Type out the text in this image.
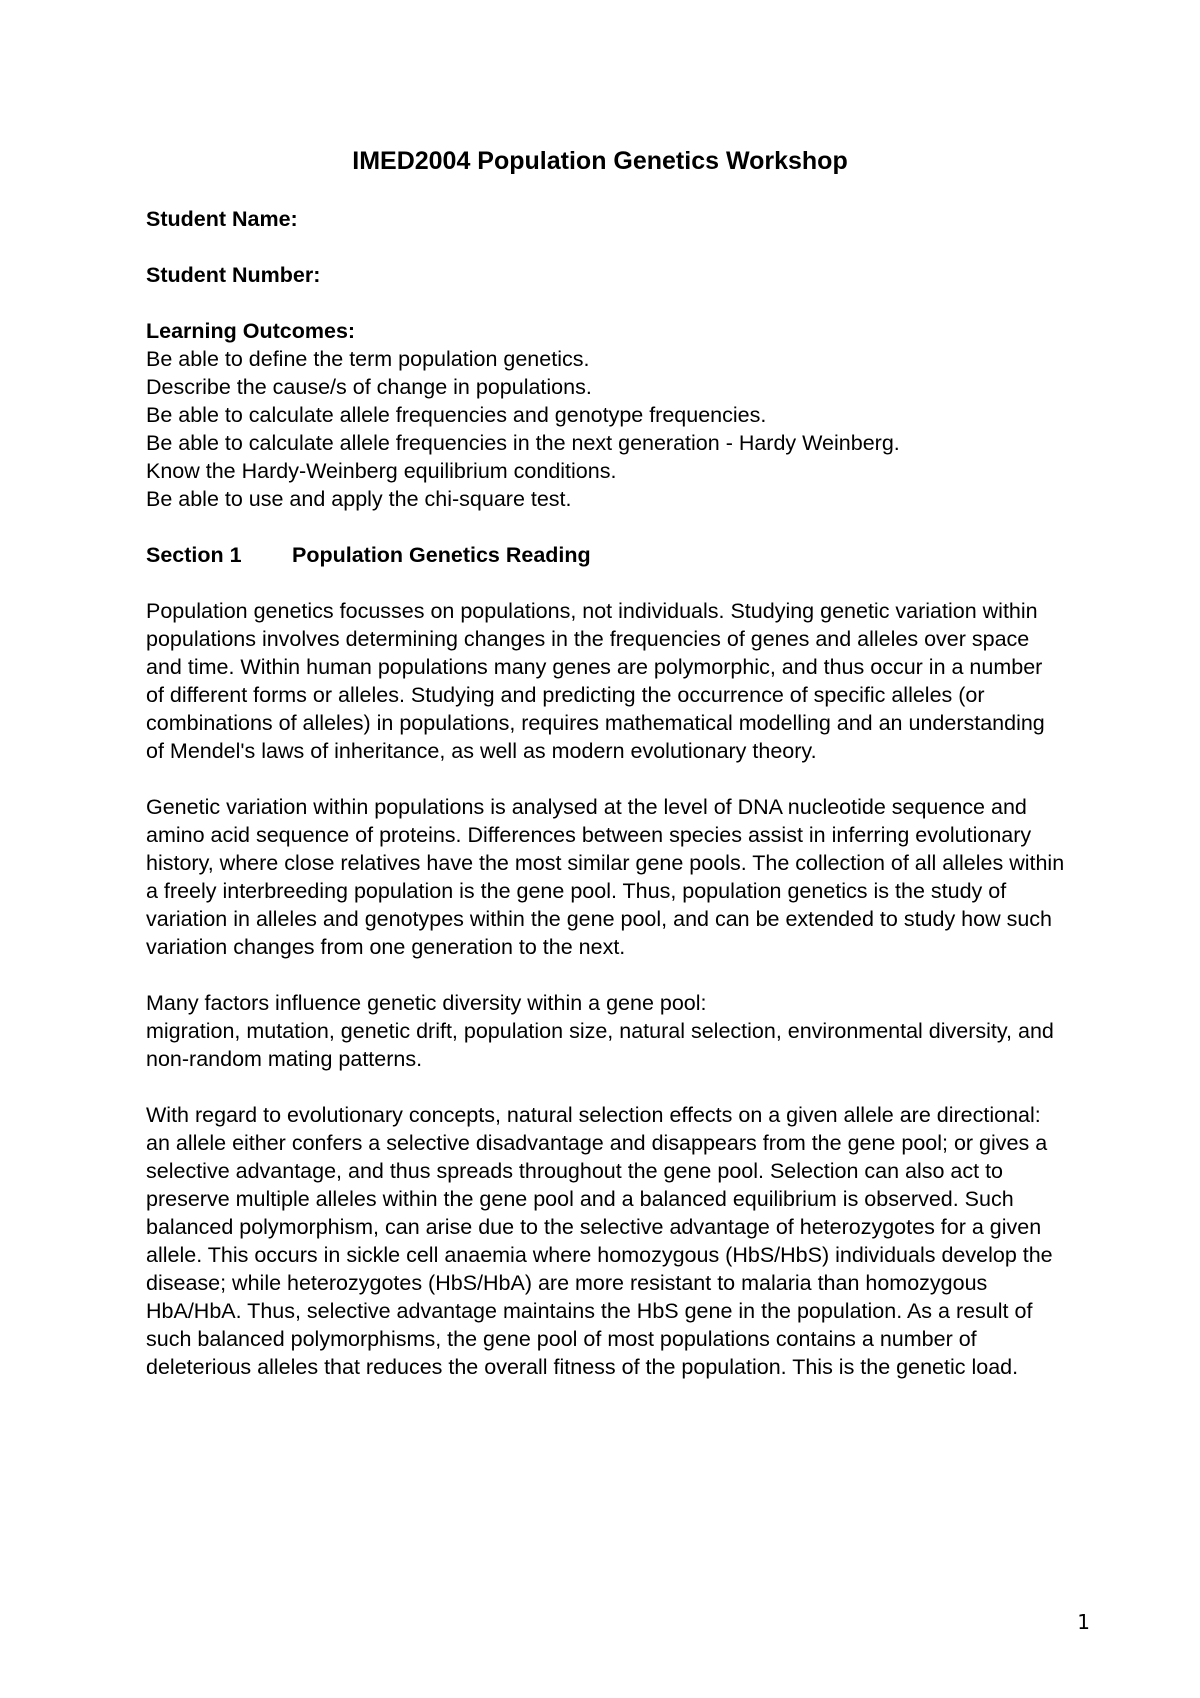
IMED2004 Population Genetics Workshop

Student Name:

Student Number:

Learning Outcomes:

Be able to define the term population genetics.
Describe the cause/s of change in populations.
Be able to calculate allele frequencies and genotype frequencies.
Be able to calculate allele frequencies in the next generation - Hardy Weinberg.
Know the Hardy-Weinberg equilibrium conditions.
Be able to use and apply the chi-square test.

Section 1 Population Genetics Reading

Population genetics focusses on populations, not individuals. Studying genetic variation within populations involves determining changes in the frequencies of genes and alleles over space and time. Within human populations many genes are polymorphic, and thus occur in a number of different forms or alleles. Studying and predicting the occurrence of specific alleles (or combinations of alleles) in populations, requires mathematical modelling and an understanding of Mendel's laws of inheritance, as well as modern evolutionary theory.

Genetic variation within populations is analysed at the level of DNA nucleotide sequence and amino acid sequence of proteins. Differences between species assist in inferring evolutionary history, where close relatives have the most similar gene pools. The collection of all alleles within a freely interbreeding population is the gene pool. Thus, population genetics is the study of variation in alleles and genotypes within the gene pool, and can be extended to study how such variation changes from one generation to the next.

Many factors influence genetic diversity within a gene pool:
migration, mutation, genetic drift, population size, natural selection, environmental diversity, and non-random mating patterns.

With regard to evolutionary concepts, natural selection effects on a given allele are directional: an allele either confers a selective disadvantage and disappears from the gene pool; or gives a selective advantage, and thus spreads throughout the gene pool. Selection can also act to preserve multiple alleles within the gene pool and a balanced equilibrium is observed. Such balanced polymorphism, can arise due to the selective advantage of heterozygotes for a given allele. This occurs in sickle cell anaemia where homozygous (HbS/HbS) individuals develop the disease; while heterozygotes (HbS/HbA) are more resistant to malaria than homozygous HbA/HbA. Thus, selective advantage maintains the HbS gene in the population. As a result of such balanced polymorphisms, the gene pool of most populations contains a number of deleterious alleles that reduces the overall fitness of the population. This is the genetic load.

1
